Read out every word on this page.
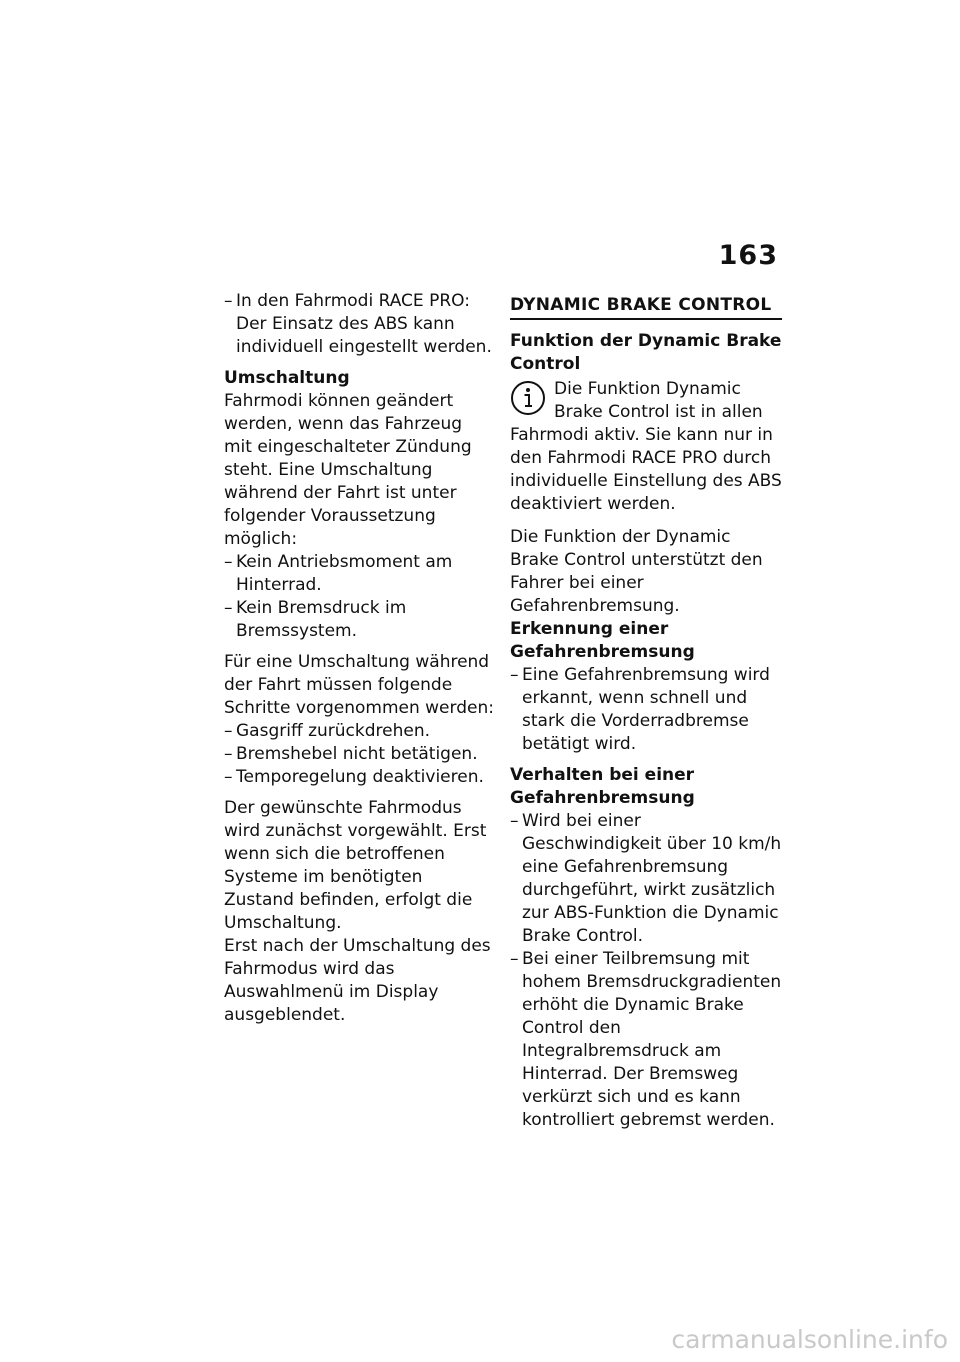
163
– In den Fahrmodi RACE PRO: Der Einsatz des ABS kann individuell eingestellt werden.

Umschaltung

Fahrmodi können geändert werden, wenn das Fahrzeug mit eingeschalteter Zündung steht. Eine Umschaltung während der Fahrt ist unter folgender Voraussetzung möglich:

– Kein Antriebsmoment am Hinterrad.
– Kein Bremsdruck im Bremssystem.

Für eine Umschaltung während der Fahrt müssen folgende Schritte vorgenommen werden:

– Gasgriff zurückdrehen.
– Bremshebel nicht betätigen.
– Temporegelung deaktivieren.

Der gewünschte Fahrmodus wird zunächst vorgewählt. Erst wenn sich die betroffenen Systeme im benötigten Zustand befinden, erfolgt die Umschaltung.

Erst nach der Umschaltung des Fahrmodus wird das Auswahlmenü im Display ausgeblendet.

DYNAMIC BRAKE CONTROL

Funktion der Dynamic Brake Control

Die Funktion Dynamic Brake Control ist in allen Fahrmodi aktiv. Sie kann nur in den Fahrmodi RACE PRO durch individuelle Einstellung des ABS deaktiviert werden.

Die Funktion der Dynamic Brake Control unterstützt den Fahrer bei einer Gefahrenbremsung.

Erkennung einer Gefahrenbremsung

– Eine Gefahrenbremsung wird erkannt, wenn schnell und stark die Vorderradbremse betätigt wird.

Verhalten bei einer Gefahrenbremsung

– Wird bei einer Geschwindigkeit über 10 km/h eine Gefahrenbremsung durchgeführt, wirkt zusätzlich zur ABS-Funktion die Dynamic Brake Control.
– Bei einer Teilbremsung mit hohem Bremsdruckgradienten erhöht die Dynamic Brake Control den Integralbremsdruck am Hinterrad. Der Bremsweg verkürzt sich und es kann kontrolliert gebremst werden.
carmanualsonline.info
